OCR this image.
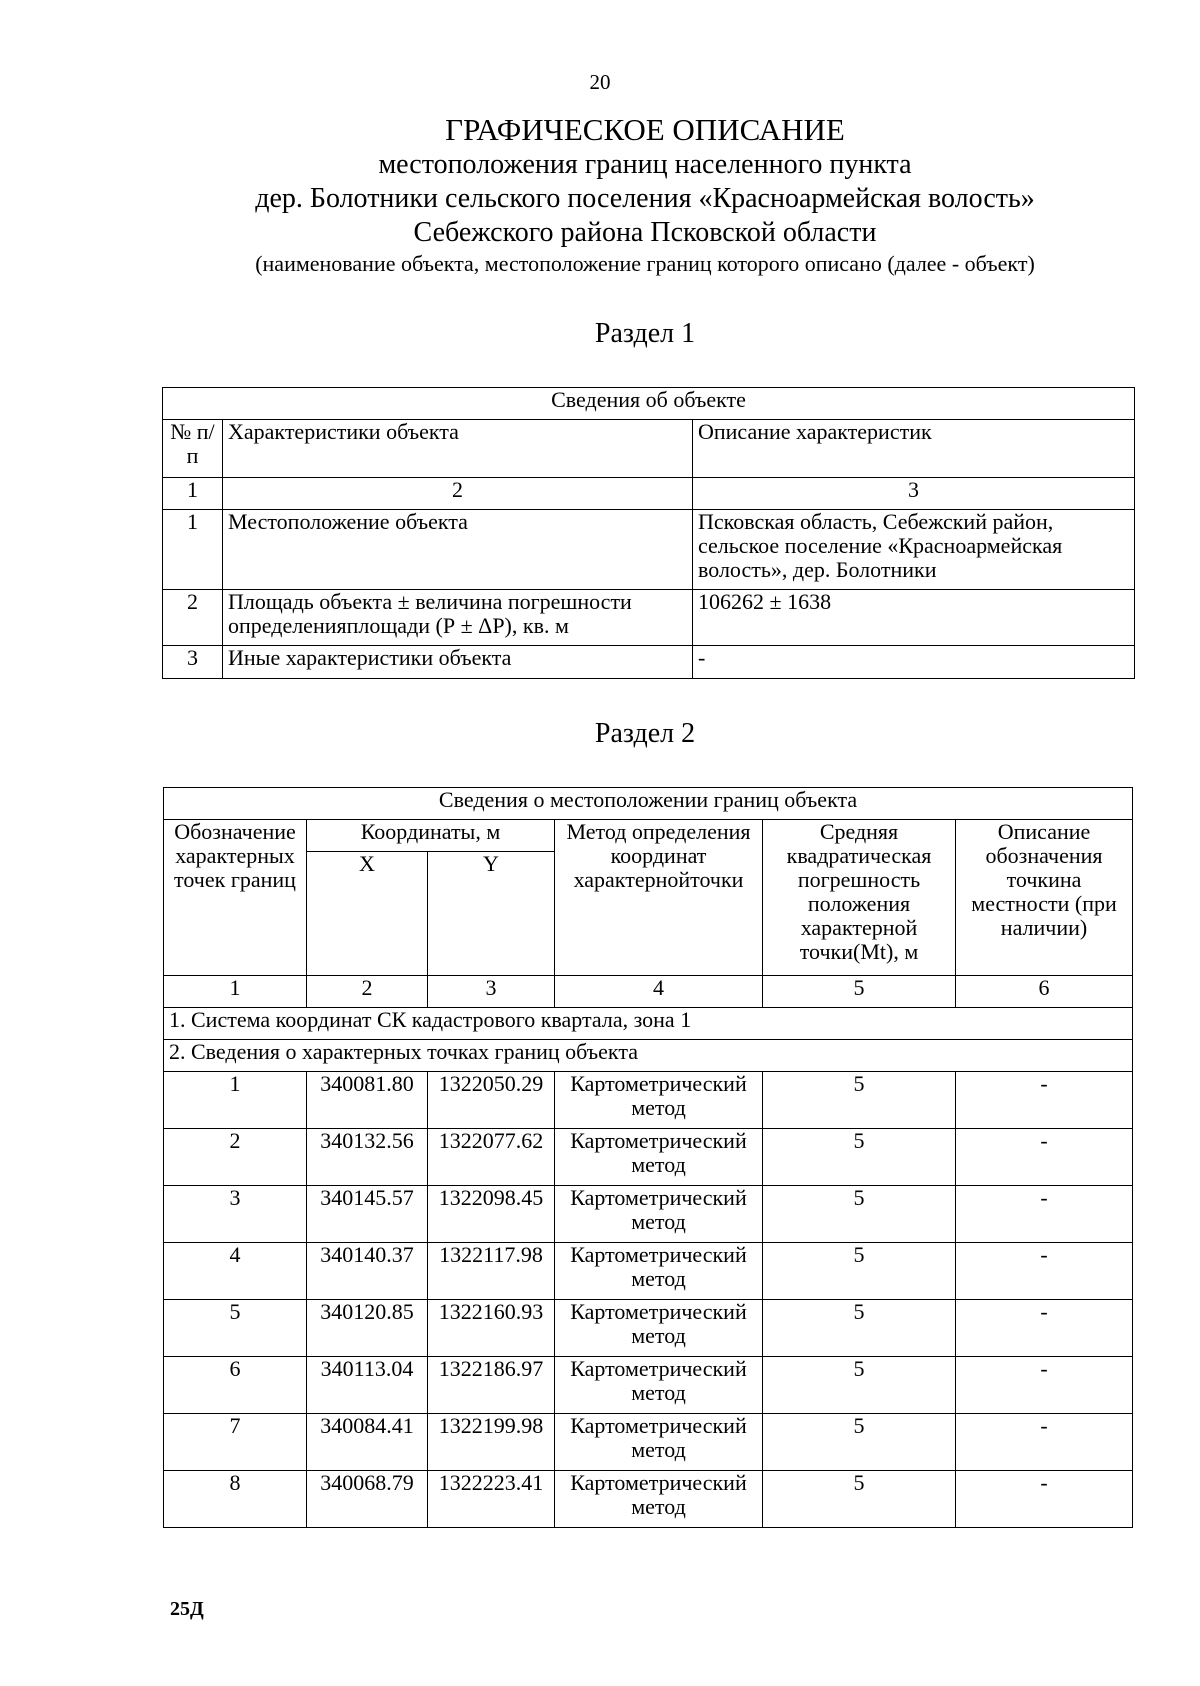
20
ГРАФИЧЕСКОЕ ОПИСАНИЕ
местоположения границ населенного пункта
дер. Болотники сельского поселения «Красноармейская волость»
Себежского района Псковской области
(наименование объекта, местоположение границ которого описано (далее - объект)
Раздел 1
Сведения об объекте		
№ п/п	Характеристики объекта	Описание характеристик
1	2	3
1	Местоположение объекта	Псковская область, Себежский район, сельское поселение «Красноармейская волость», дер. Болотники
2	Площадь объекта ± величина погрешности определенияплощади (Р ± ΔР), кв. м	106262 ± 1638
3	Иные характеристики объекта	-
Раздел 2
Сведения о местоположении границ объекта					
Обозначение характерных точек границ	Координаты, м		Метод определения координат характернойточки	Средняя квадратическая погрешность положения характерной точки(Mt), м	Описание обозначения точкина местности (при наличии)
	X	Y			
1	2	3	4	5	6
1. Система координат СК кадастрового квартала, зона 1					
2. Сведения о характерных точках границ объекта					
1	340081.80	1322050.29	Картометрический метод	5	-
2	340132.56	1322077.62	Картометрический метод	5	-
3	340145.57	1322098.45	Картометрический метод	5	-
4	340140.37	1322117.98	Картометрический метод	5	-
5	340120.85	1322160.93	Картометрический метод	5	-
6	340113.04	1322186.97	Картометрический метод	5	-
7	340084.41	1322199.98	Картометрический метод	5	-
8	340068.79	1322223.41	Картометрический метод	5	-
25Д
